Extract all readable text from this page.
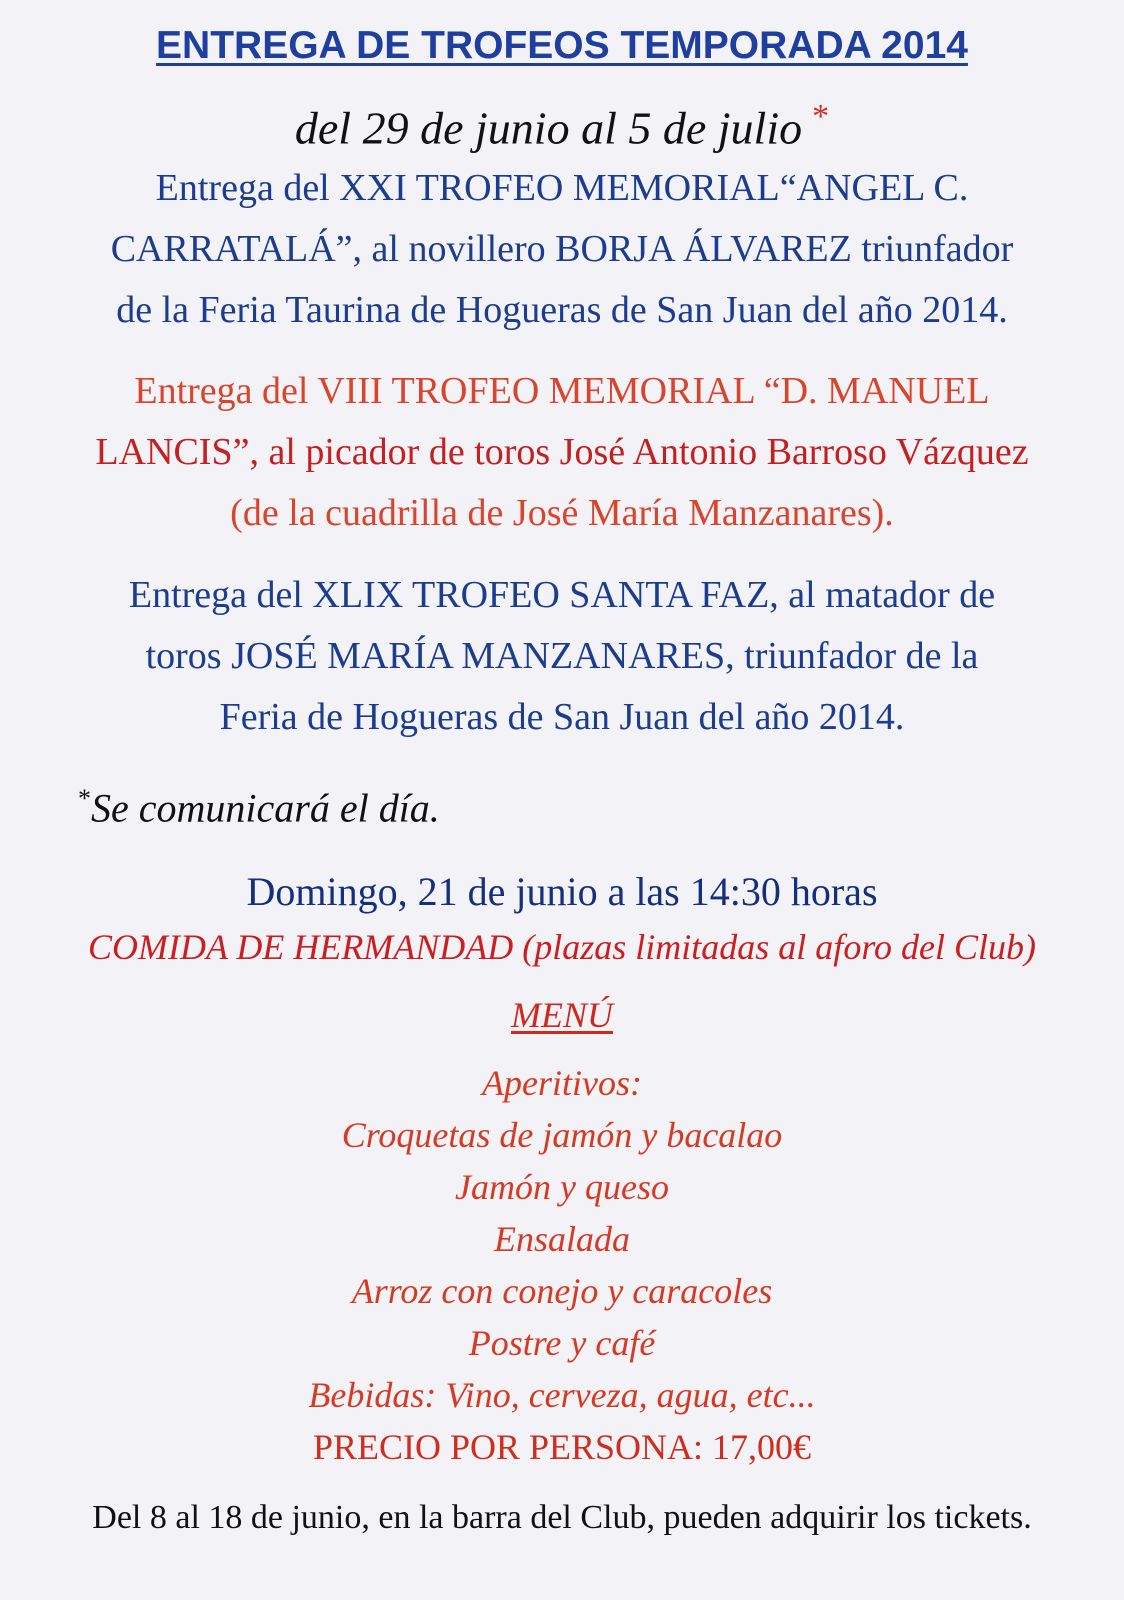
ENTREGA DE TROFEOS TEMPORADA 2014
del 29 de junio al 5 de julio *
Entrega del XXI TROFEO MEMORIAL“ANGEL C.
CARRATALÁ”, al novillero BORJA ÁLVAREZ triunfador
de la Feria Taurina de Hogueras de San Juan del año 2014.
Entrega del VIII TROFEO MEMORIAL “D. MANUEL
LANCIS”, al picador de toros José Antonio Barroso Vázquez
(de la cuadrilla de José María Manzanares).
Entrega del XLIX TROFEO SANTA FAZ, al matador de
toros JOSÉ MARÍA MANZANARES, triunfador de la
Feria de Hogueras de San Juan del año 2014.
*Se comunicará el día.
Domingo, 21 de junio a las 14:30 horas
COMIDA DE HERMANDAD (plazas limitadas al aforo del Club)
MENÚ
Aperitivos:
Croquetas de jamón y bacalao
Jamón y queso
Ensalada
Arroz con conejo y caracoles
Postre y café
Bebidas: Vino, cerveza, agua, etc...
PRECIO POR PERSONA: 17,00€
Del 8 al 18 de junio, en la barra del Club, pueden adquirir los tickets.
